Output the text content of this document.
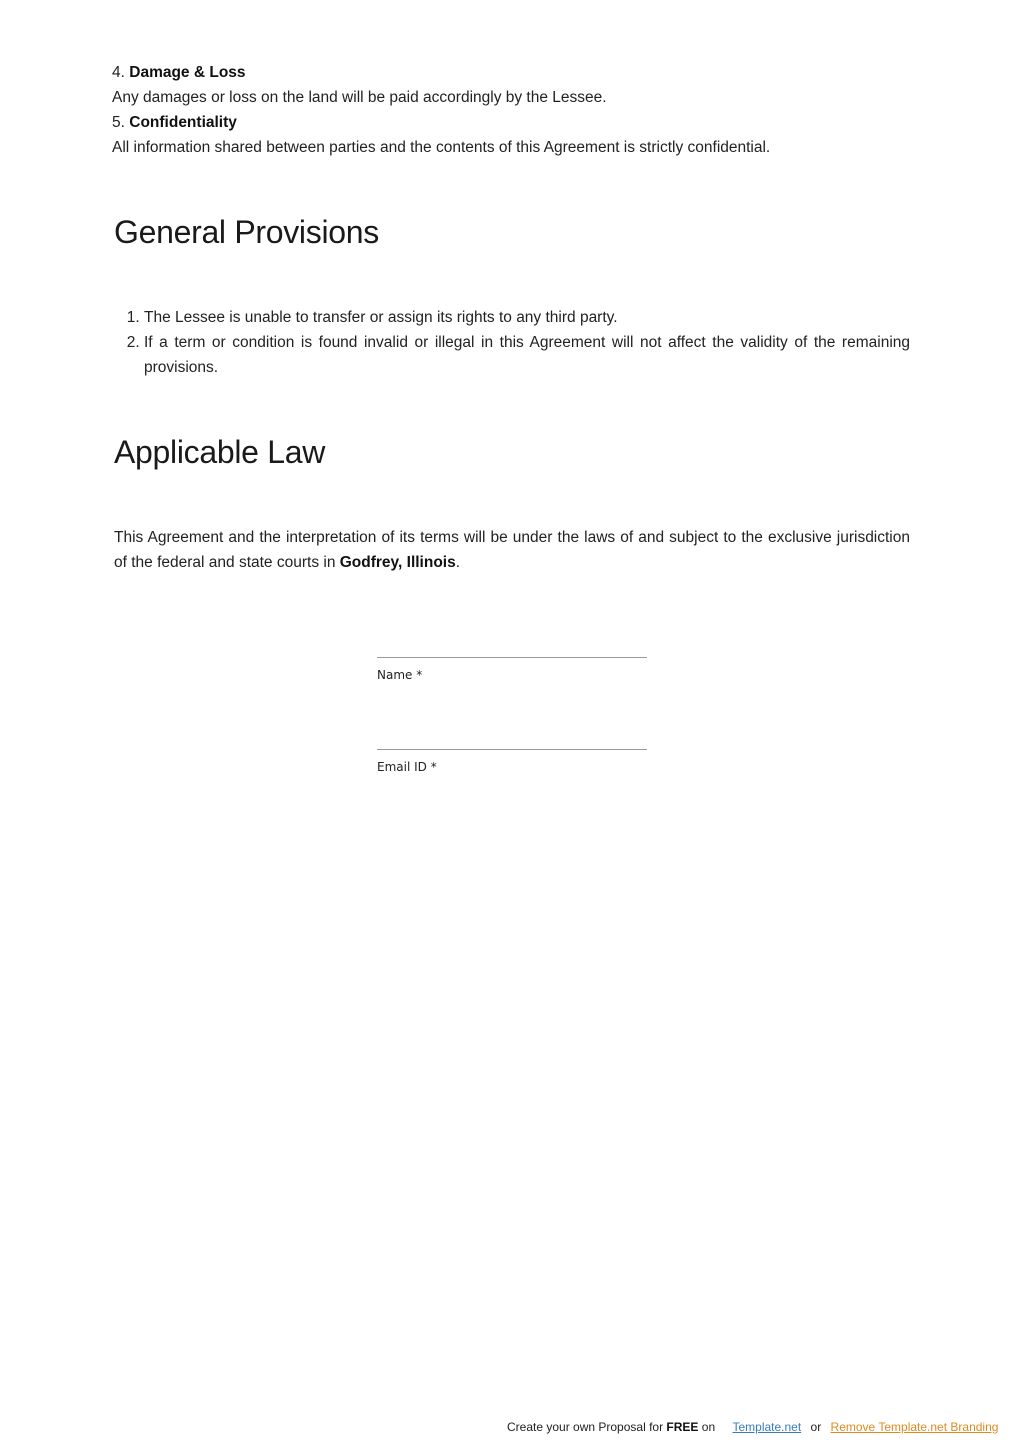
4. Damage & Loss

Any damages or loss on the land will be paid accordingly by the Lessee.

5. Confidentiality

All information shared between parties and the contents of this Agreement is strictly confidential.

General Provisions
1. The Lessee is unable to transfer or assign its rights to any third party.
2. If a term or condition is found invalid or illegal in this Agreement will not affect the validity of the remaining provisions.
Applicable Law

This Agreement and the interpretation of its terms will be under the laws of and subject to the exclusive jurisdiction of the federal and state courts in Godfrey, Illinois.

Name *
Email ID *
Create your own Proposal for FREE on Template.net or Remove Template.net Branding
